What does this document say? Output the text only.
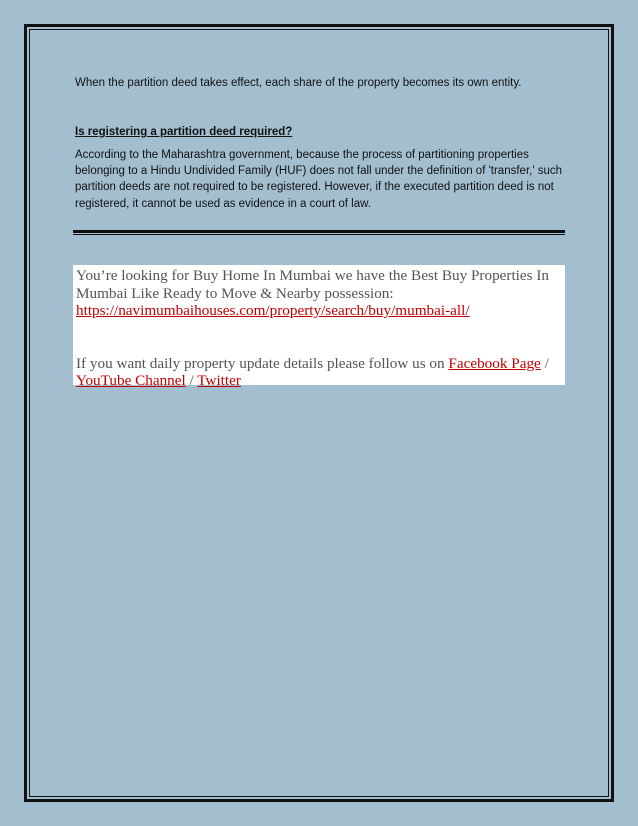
When the partition deed takes effect, each share of the property becomes its own entity.
Is registering a partition deed required?
According to the Maharashtra government, because the process of partitioning properties belonging to a Hindu Undivided Family (HUF) does not fall under the definition of 'transfer,' such partition deeds are not required to be registered. However, if the executed partition deed is not registered, it cannot be used as evidence in a court of law.
You’re looking for Buy Home In Mumbai we have the Best Buy Properties In Mumbai Like Ready to Move & Nearby possession: https://navimumbaihouses.com/property/search/buy/mumbai-all/
If you want daily property update details please follow us on Facebook Page / YouTube Channel / Twitter
